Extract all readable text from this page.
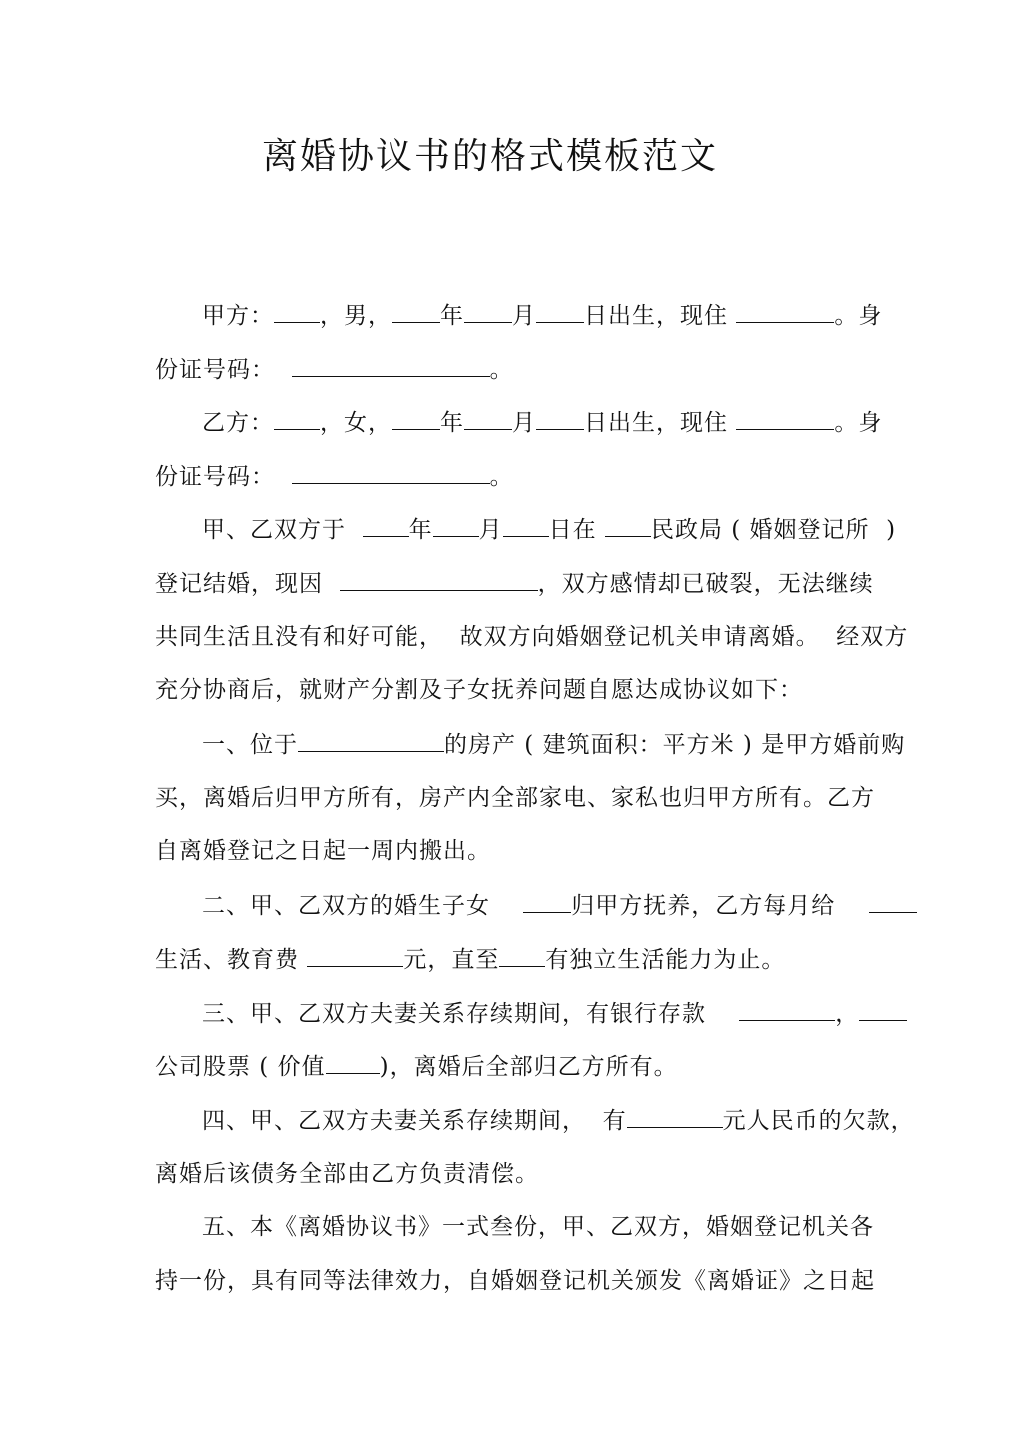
离婚协议书的格式模板范文
甲方： ，男， 年 月 日出生，现住	。身
份证号码：	。
乙方： ，女， 年 月 日出生，现住	。身
份证号码：	。
甲、乙双方于	年 月 日在 民政局 ( 婚姻登记所  )
登记结婚，现因	，双方感情却已破裂，无法继续
共同生活且没有和好可能，  故双方向婚姻登记机关申请离婚。  经双方
充分协商后，就财产分割及子女抚养问题自愿达成协议如下：
一、位于	的房产 ( 建筑面积：平方米 ) 是甲方婚前购
买，离婚后归甲方所有，房产内全部家电、家私也归甲方所有。乙方
自离婚登记之日起一周内搬出。
二、甲、乙双方的婚生子女	归甲方抚养，乙方每月给
生活、教育费	元，直至 有独立生活能力为止。
三、甲、乙双方夫妻关系存续期间，有银行存款	，
公司股票 ( 价值 )，离婚后全部归乙方所有。
四、甲、乙双方夫妻关系存续期间，  有	元人民币的欠款，
离婚后该债务全部由乙方负责清偿。
五、本《离婚协议书》一式叁份，甲、乙双方，婚姻登记机关各
持一份，具有同等法律效力，自婚姻登记机关颁发《离婚证》之日起
